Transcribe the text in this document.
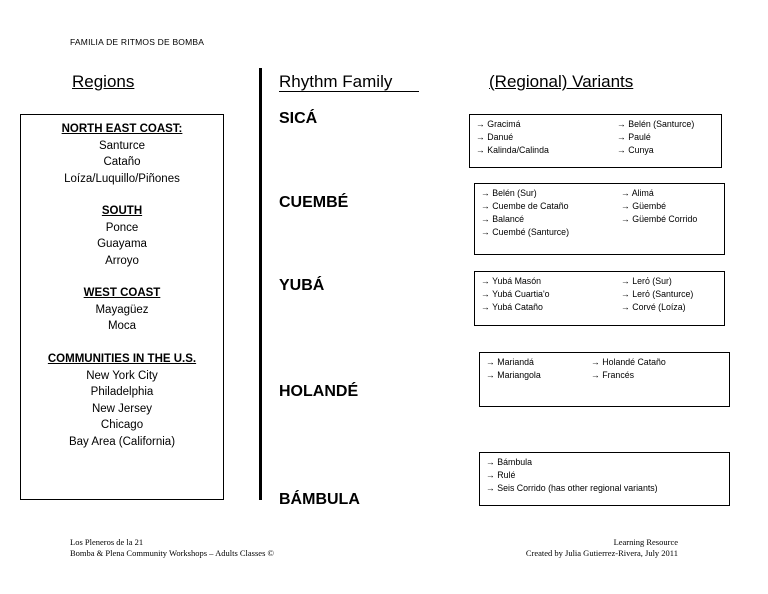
FAMILIA DE RITMOS DE BOMBA
Regions	Rhythm Family	(Regional) Variants
NORTH EAST COAST:
Santurce
Cataño
Loíza/Luquillo/Piñones
SOUTH
Ponce
Guayama
Arroyo
WEST COAST
Mayagüez
Moca
COMMUNITIES IN THE U.S.
New York City
Philadelphia
New Jersey
Chicago
Bay Area (California)
SICÁ
CUEMBÉ
YUBÁ
HOLANDÉ
BÁMBULA
→ Gracimá
→ Danué
→ Kalinda/Calinda
→ Belén (Santurce)
→ Paulé
→ Cunya
→ Belén (Sur)
→ Cuembe de Cataño
→ Balancé
→ Cuembé (Santurce)
→ Alimá
→ Güembé
→ Güembé Corrido
→ Yubá Masón
→ Yubá Cuartia'o
→ Yubá Cataño
→ Lerό (Sur)
→ Lerό (Santurce)
→ Corvé (Loíza)
→ Mariandá
→ Mariangola
→ Holandé Cataño
→ Francés
→ Bámbula
→ Rulé
→ Seis Corrido (has other regional variants)
Los Pleneros de la 21
Bomba & Plena Community Workshops – Adults Classes ©
Learning Resource
Created by Julia Gutierrez-Rivera, July 2011
